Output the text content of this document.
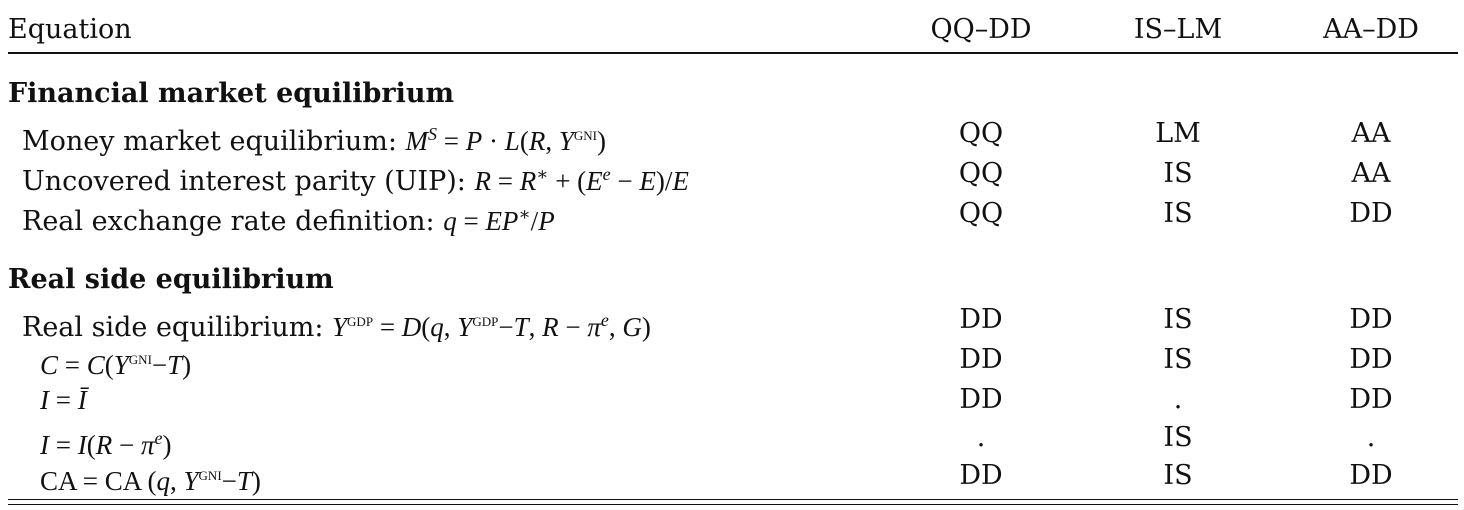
Equation	QQ–DD	IS–LM	AA–DD
Financial market equilibrium
Money market equilibrium: $M^S = P \cdot L(R$, $Y^{GNI}$)	QQ	LM	AA
Uncovered interest parity (UIP): $R = R^∗ + (E^e - E)/E$	QQ	IS	AA
Real exchange rate definition: q = EP∗/P	QQ	IS	DD
Real side equilibrium
Real side equilibrium: $Y^{GDP} = D(q$, $Y^{GDP}-T$, $R - \pi^e$, G)	DD	IS	DD
$C = C(Y^{GNI}-T)$	DD	IS	DD
I = Ī	DD	.	DD
$I = I(R - \pi^e)$	.	IS	.
CA = CA (q, $Y^{GNI}-T$)	DD	IS	DD
